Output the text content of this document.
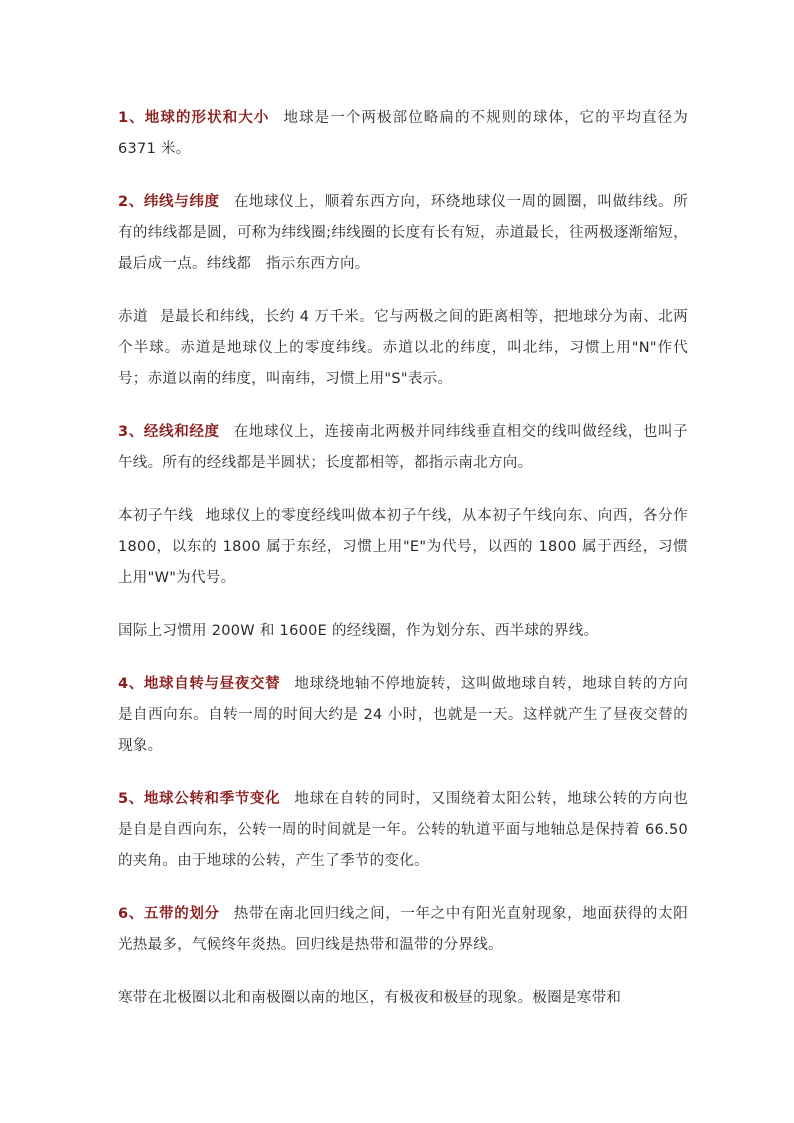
1、地球的形状和大小 地球是一个两极部位略扁的不规则的球体，它的平均直径为 6371 米。

2、纬线与纬度 在地球仪上，顺着东西方向，环绕地球仪一周的圆圈，叫做纬线。所有的纬线都是圆，可称为纬线圈;纬线圈的长度有长有短，赤道最长，往两极逐渐缩短，最后成一点。纬线都　指示东西方向。

赤道 是最长和纬线，长约 4 万千米。它与两极之间的距离相等，把地球分为南、北两个半球。赤道是地球仪上的零度纬线。赤道以北的纬度，叫北纬，习惯上用"N"作代号；赤道以南的纬度，叫南纬，习惯上用"S"表示。

3、经线和经度 在地球仪上，连接南北两极并同纬线垂直相交的线叫做经线，也叫子午线。所有的经线都是半圆状；长度都相等，都指示南北方向。

本初子午线 地球仪上的零度经线叫做本初子午线，从本初子午线向东、向西，各分作 1800，以东的 1800 属于东经，习惯上用"E"为代号，以西的 1800 属于西经，习惯上用"W"为代号。

国际上习惯用 200W 和 1600E 的经线圈，作为划分东、西半球的界线。

4、地球自转与昼夜交替 地球绕地轴不停地旋转，这叫做地球自转，地球自转的方向是自西向东。自转一周的时间大约是 24 小时，也就是一天。这样就产生了昼夜交替的现象。

5、地球公转和季节变化 地球在自转的同时，又围绕着太阳公转，地球公转的方向也是自是自西向东，公转一周的时间就是一年。公转的轨道平面与地轴总是保持着 66.50 的夹角。由于地球的公转，产生了季节的变化。

6、五带的划分 热带在南北回归线之间，一年之中有阳光直射现象，地面获得的太阳光热最多，气候终年炎热。回归线是热带和温带的分界线。

寒带在北极圈以北和南极圈以南的地区，有极夜和极昼的现象。极圈是寒带和
